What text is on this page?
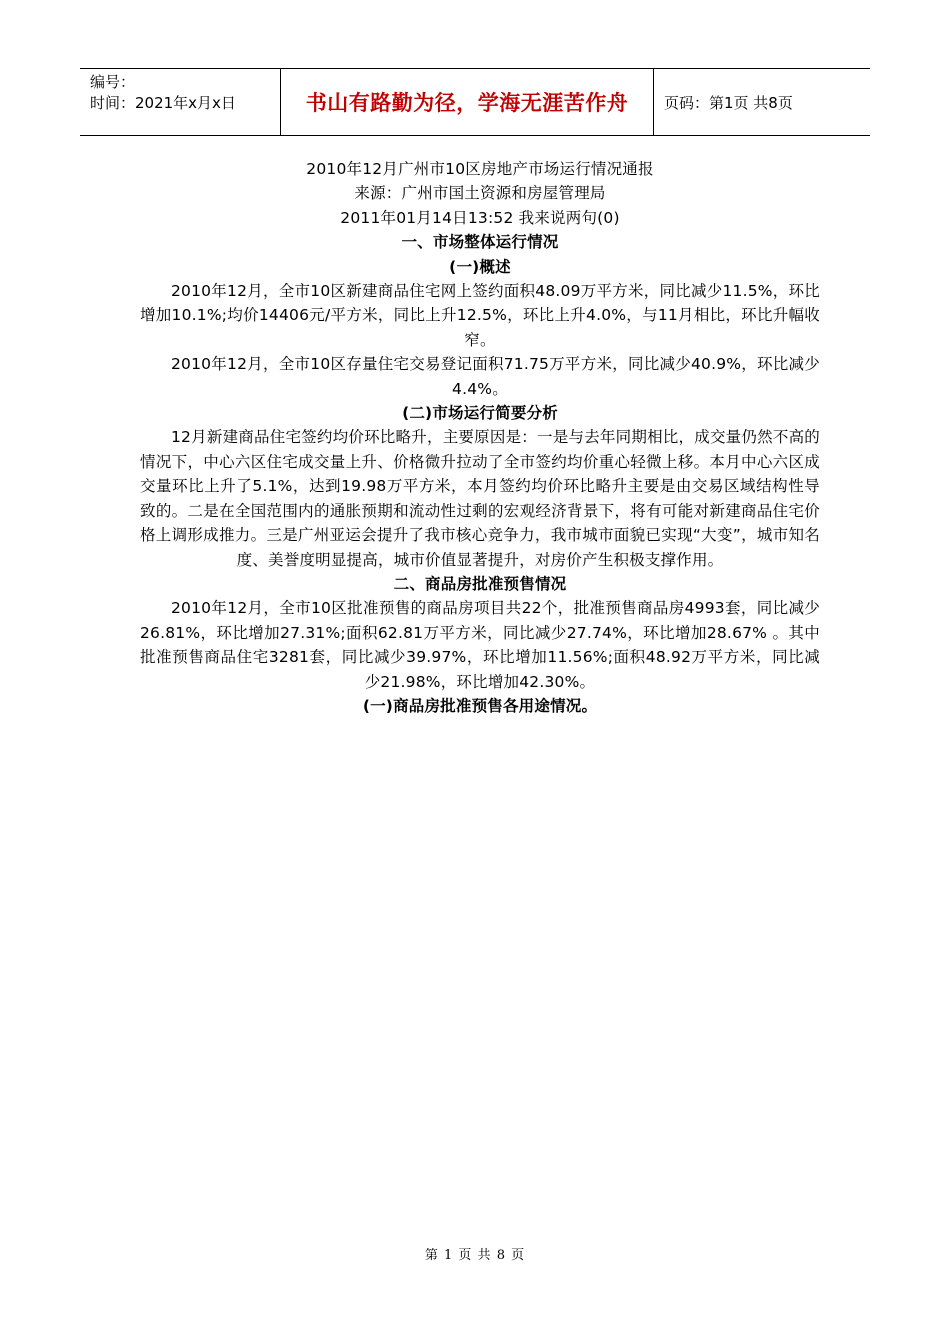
编号：
时间：2021年x月x日	书山有路勤为径，学海无涯苦作舟 页码：第1页 共8页

2010年12月广州市10区房地产市场运行情况通报

来源：广州市国土资源和房屋管理局

2011年01月14日13:52 我来说两句(0)

一、市场整体运行情况

(一)概述

2010年12月，全市10区新建商品住宅网上签约面积48.09万平方米，同比减少11.5%，环比增加10.1%;均价14406元/平方米，同比上升12.5%，环比上升4.0%，与11月相比，环比升幅收窄。

2010年12月，全市10区存量住宅交易登记面积71.75万平方米，同比减少40.9%，环比减少4.4%。

(二)市场运行简要分析

12月新建商品住宅签约均价环比略升，主要原因是：一是与去年同期相比，成交量仍然不高的情况下，中心六区住宅成交量上升、价格微升拉动了全市签约均价重心轻微上移。本月中心六区成交量环比上升了5.1%，达到19.98万平方米，本月签约均价环比略升主要是由交易区域结构性导致的。二是在全国范围内的通胀预期和流动性过剩的宏观经济背景下，将有可能对新建商品住宅价格上调形成推力。三是广州亚运会提升了我市核心竞争力，我市城市面貌已实现“大变”，城市知名度、美誉度明显提高，城市价值显著提升，对房价产生积极支撑作用。

二、商品房批准预售情况

2010年12月，全市10区批准预售的商品房项目共22个，批准预售商品房4993套，同比减少26.81%，环比增加27.31%;面积62.81万平方米，同比减少27.74%，环比增加28.67% 。其中批准预售商品住宅3281套，同比减少39.97%，环比增加11.56%;面积48.92万平方米，同比减少21.98%，环比增加42.30%。

(一)商品房批准预售各用途情况。

第 1 页 共 8 页
